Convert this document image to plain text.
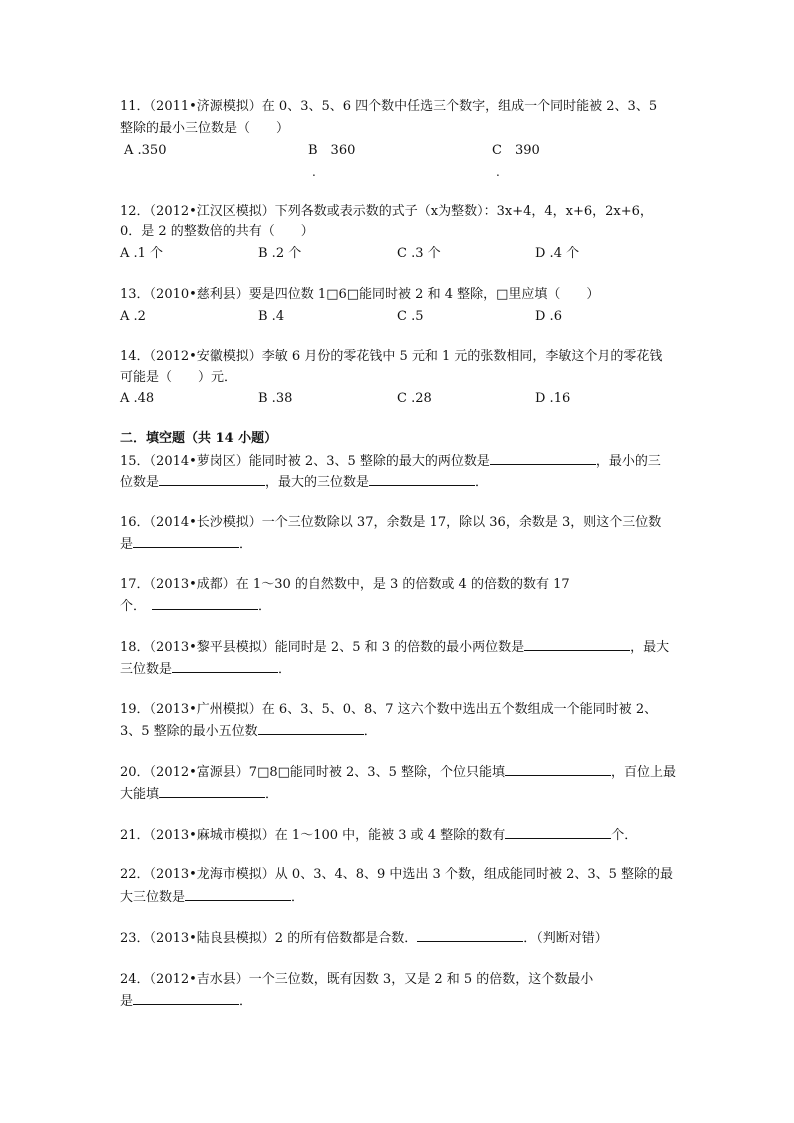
11．（2011•济源模拟）在 0、3、5、6 四个数中任选三个数字，组成一个同时能被 2、3、5
整除的最小三位数是（　　）
A .350	B　360	C　390
.	.
12．（2012•江汉区模拟）下列各数或表示数的式子（x为整数）：3x+4，4，x+6，2x+6，
0．是 2 的整数倍的共有（　　）
A .1 个	B .2 个	C .3 个	D .4 个
13．（2010•慈利县）要是四位数 1□6□能同时被 2 和 4 整除，□里应填（　　）
A .2	B .4	C .5	D .6
14．（2012•安徽模拟）李敏 6 月份的零花钱中 5 元和 1 元的张数相同，李敏这个月的零花钱
可能是（　　）元．
A .48	B .38	C .28	D .16
二．填空题（共 14 小题）
15．（2014•萝岗区）能同时被 2、3、5 整除的最大的两位数是	，最小的三
位数是	，最大的三位数是	．
16．（2014•长沙模拟）一个三位数除以 37，余数是 17，除以 36，余数是 3，则这个三位数
是	．
17．（2013•成都）在 1～30 的自然数中，是 3 的倍数或 4 的倍数的数有 17
个．	．
18．（2013•黎平县模拟）能同时是 2、5 和 3 的倍数的最小两位数是	，最大
三位数是	．
19．（2013•广州模拟）在 6、3、5、0、8、7 这六个数中选出五个数组成一个能同时被 2、
3、5 整除的最小五位数	．
20．（2012•富源县）7□8□能同时被 2、3、5 整除，个位只能填	，百位上最
大能填	．
21．（2013•麻城市模拟）在 1～100 中，能被 3 或 4 整除的数有	个．
22．（2013•龙海市模拟）从 0、3、4、8、9 中选出 3 个数，组成能同时被 2、3、5 整除的最
大三位数是	．
23．（2013•陆良县模拟）2 的所有倍数都是合数．	．（判断对错）
24．（2012•吉水县）一个三位数，既有因数 3，又是 2 和 5 的倍数，这个数最小
是	．
